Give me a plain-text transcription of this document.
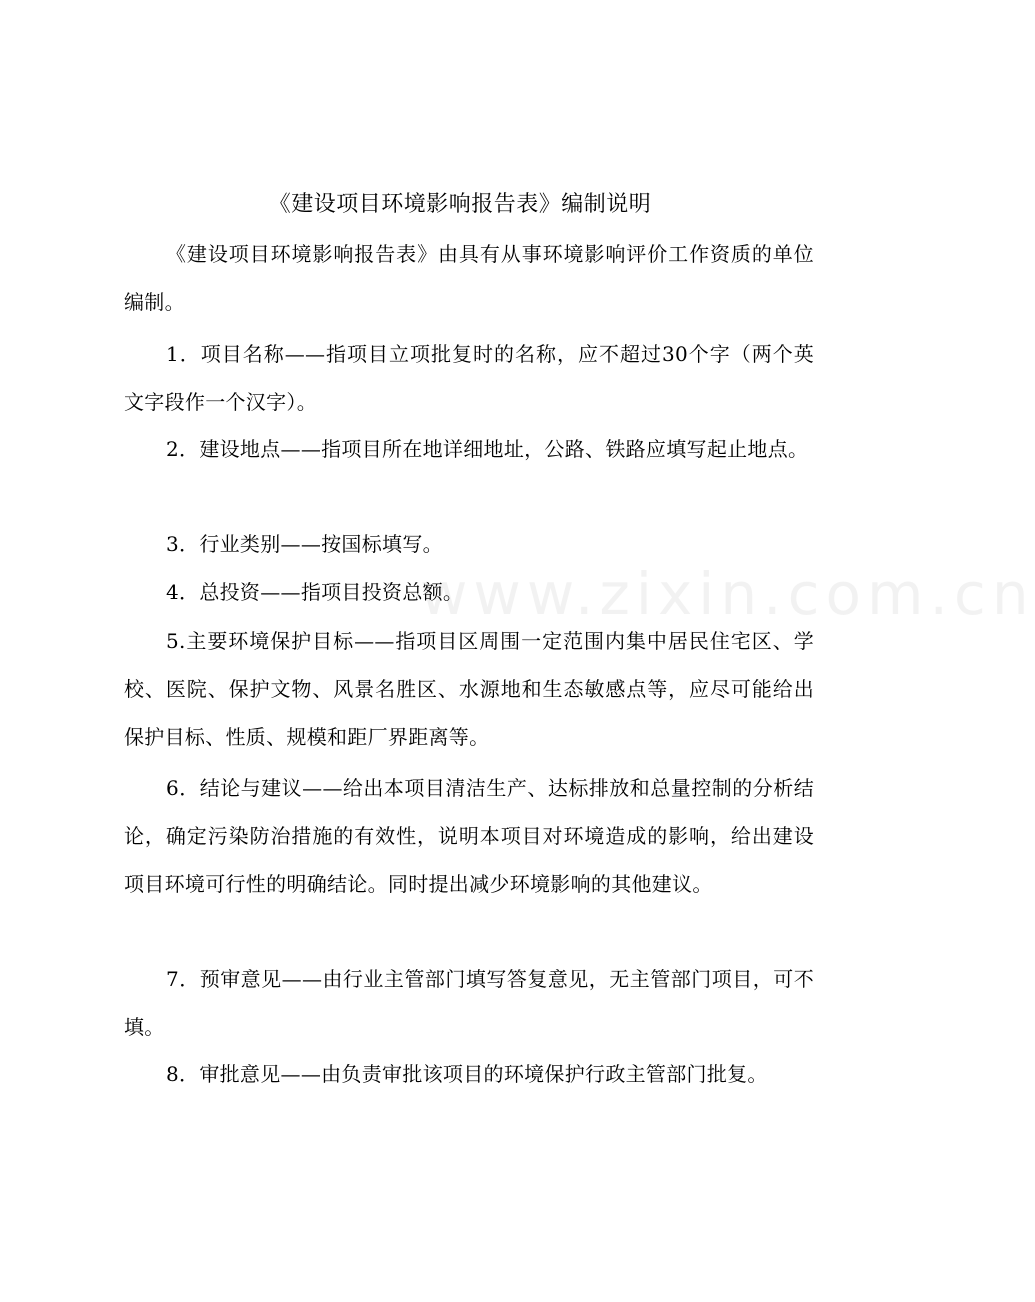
www.zixin.com.cn
《建设项目环境影响报告表》编制说明

《建设项目环境影响报告表》由具有从事环境影响评价工作资质的单位编制。

1．项目名称——指项目立项批复时的名称，应不超过30个字（两个英文字段作一个汉字）。

2．建设地点——指项目所在地详细地址，公路、铁路应填写起止地点。

3．行业类别——按国标填写。

4．总投资——指项目投资总额。

5.主要环境保护目标——指项目区周围一定范围内集中居民住宅区、学校、医院、保护文物、风景名胜区、水源地和生态敏感点等，应尽可能给出保护目标、性质、规模和距厂界距离等。

6．结论与建议——给出本项目清洁生产、达标排放和总量控制的分析结论，确定污染防治措施的有效性，说明本项目对环境造成的影响，给出建设项目环境可行性的明确结论。同时提出减少环境影响的其他建议。

7．预审意见——由行业主管部门填写答复意见，无主管部门项目，可不填。

8．审批意见——由负责审批该项目的环境保护行政主管部门批复。
